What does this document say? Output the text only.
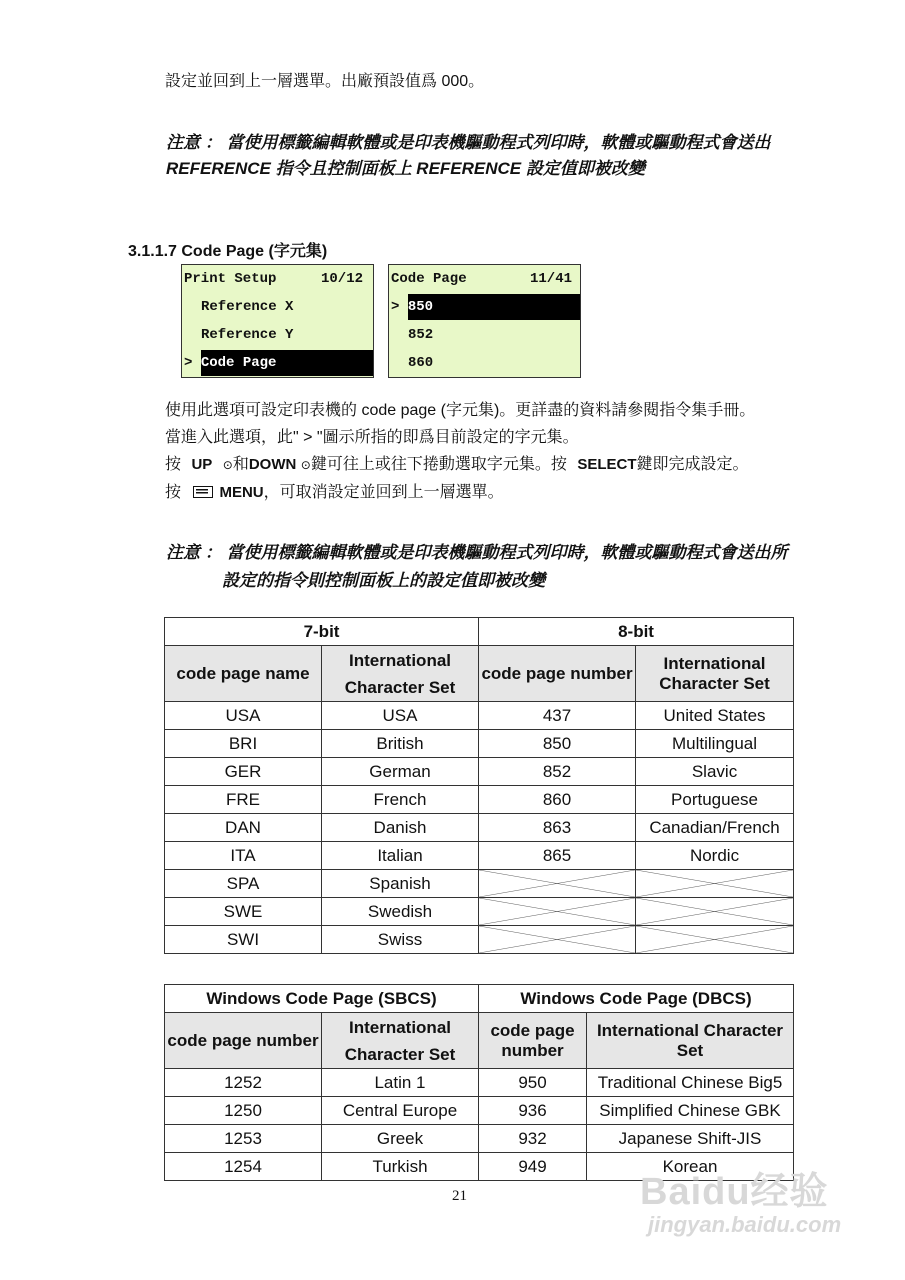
設定並回到上一層選單。出廠預設值爲 000。
注意 ： 當使用標籤編輯軟體或是印表機驅動程式列印時，軟體或驅動程式會送出
REFERENCE 指令且控制面板上 REFERENCE 設定值即被改變
3.1.1.7 Code Page (字元集)
Print Setup	10/12
Reference X
Reference Y
> Code Page
Code Page	11/41
> 850
852
860
使用此選項可設定印表機的 code page (字元集)。更詳盡的資料請參閱指令集手冊。
當進入此選項，此" > "圖示所指的即爲目前設定的字元集。
按 UP ⊙和DOWN ⊙鍵可往上或往下捲動選取字元集。按 SELECT鍵即完成設定。
按	MENU，可取消設定並回到上一層選單。
注意 ： 當使用標籤編輯軟體或是印表機驅動程式列印時，軟體或驅動程式會送出所
設定的指令則控制面板上的設定值即被改變
7-bit		8-bit	
code page name	International Character Set	code page number	International Character Set
USA	USA	437	United States
BRI	British	850	Multilingual
GER	German	852	Slavic
FRE	French	860	Portuguese
DAN	Danish	863	Canadian/French
ITA	Italian	865	Nordic
SPA	Spanish	

SWE	Swedish	

SWI	Swiss	

Windows Code Page (SBCS)		Windows Code Page (DBCS)	
code page number	International Character Set	code page number	International Character Set
1252	Latin 1	950	Traditional Chinese Big5
1250	Central Europe	936	Simplified Chinese GBK
1253	Greek	932	Japanese Shift-JIS
1254	Turkish	949	Korean
21	Baidu经验
jingyan.baidu.com
